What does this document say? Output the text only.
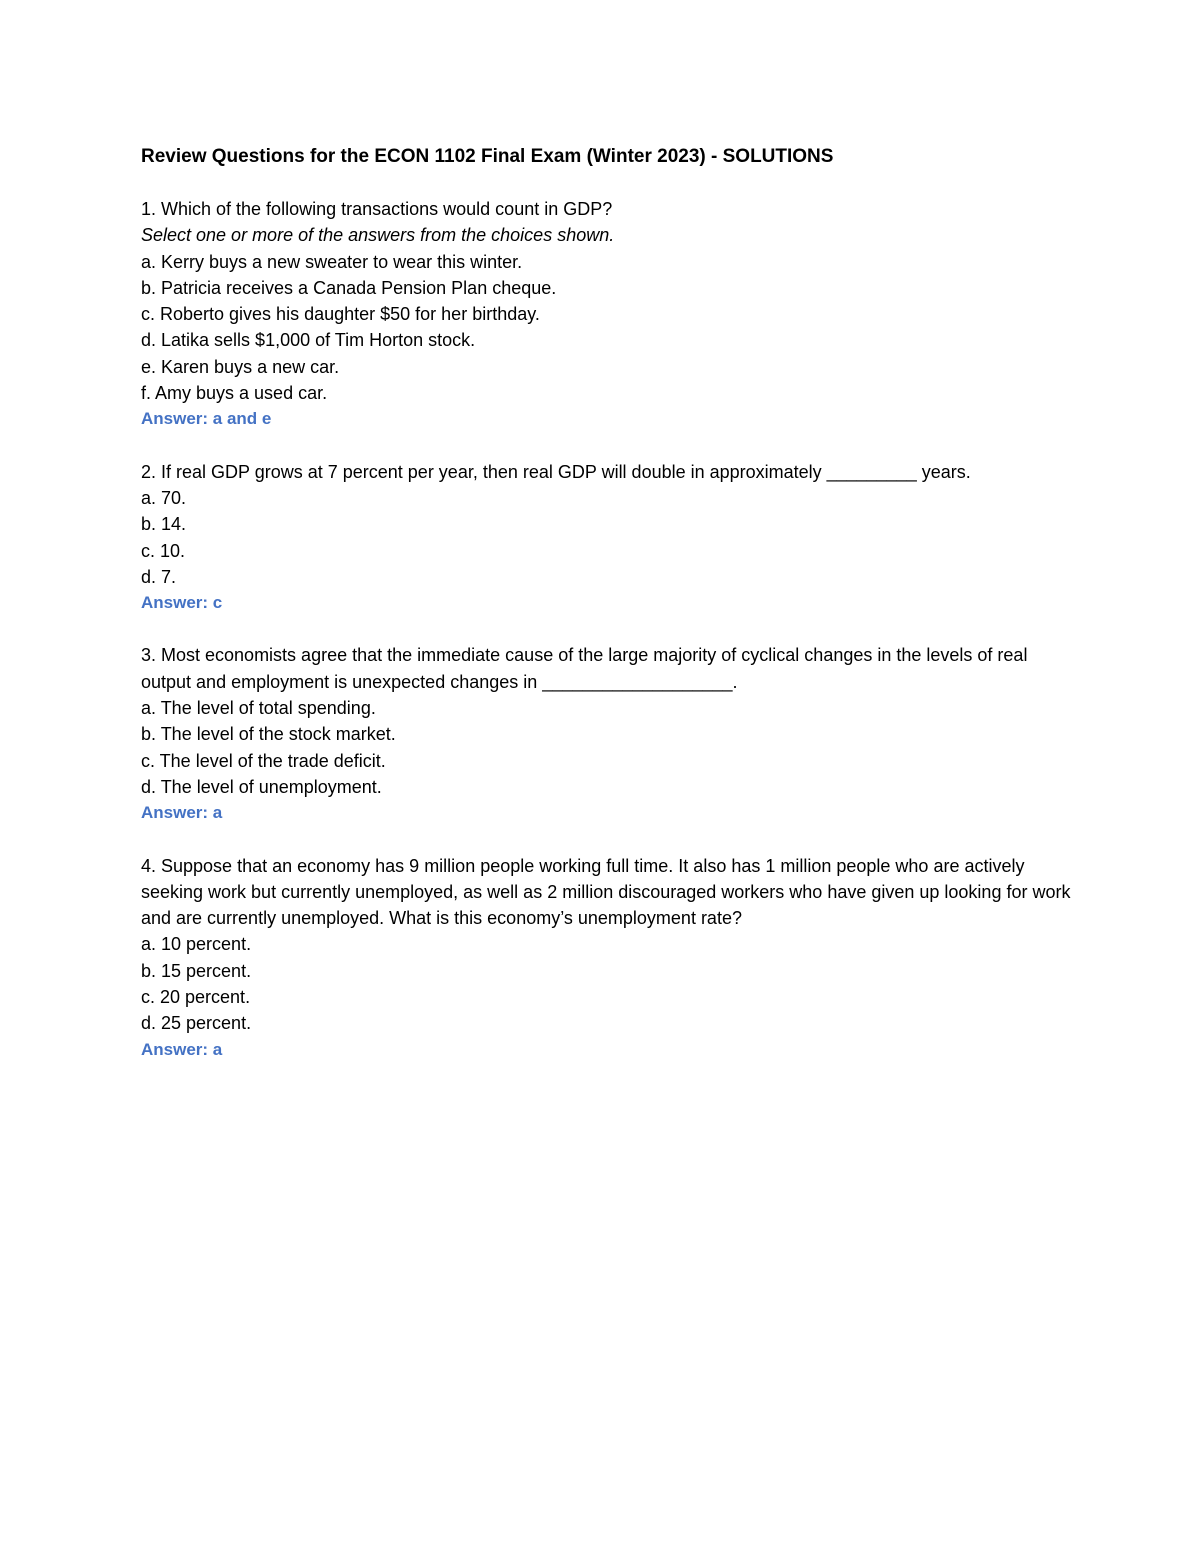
Review Questions for the ECON 1102 Final Exam (Winter 2023) - SOLUTIONS
1. Which of the following transactions would count in GDP?
Select one or more of the answers from the choices shown.
a. Kerry buys a new sweater to wear this winter.
b. Patricia receives a Canada Pension Plan cheque.
c. Roberto gives his daughter $50 for her birthday.
d. Latika sells $1,000 of Tim Horton stock.
e. Karen buys a new car.
f. Amy buys a used car.
Answer: a and e
2. If real GDP grows at 7 percent per year, then real GDP will double in approximately _________ years.
a. 70.
b. 14.
c. 10.
d. 7.
Answer: c
3. Most economists agree that the immediate cause of the large majority of cyclical changes in the levels of real output and employment is unexpected changes in ___________________.
a. The level of total spending.
b. The level of the stock market.
c. The level of the trade deficit.
d. The level of unemployment.
Answer: a
4. Suppose that an economy has 9 million people working full time. It also has 1 million people who are actively seeking work but currently unemployed, as well as 2 million discouraged workers who have given up looking for work and are currently unemployed. What is this economy’s unemployment rate?
a. 10 percent.
b. 15 percent.
c. 20 percent.
d. 25 percent.
Answer: a
